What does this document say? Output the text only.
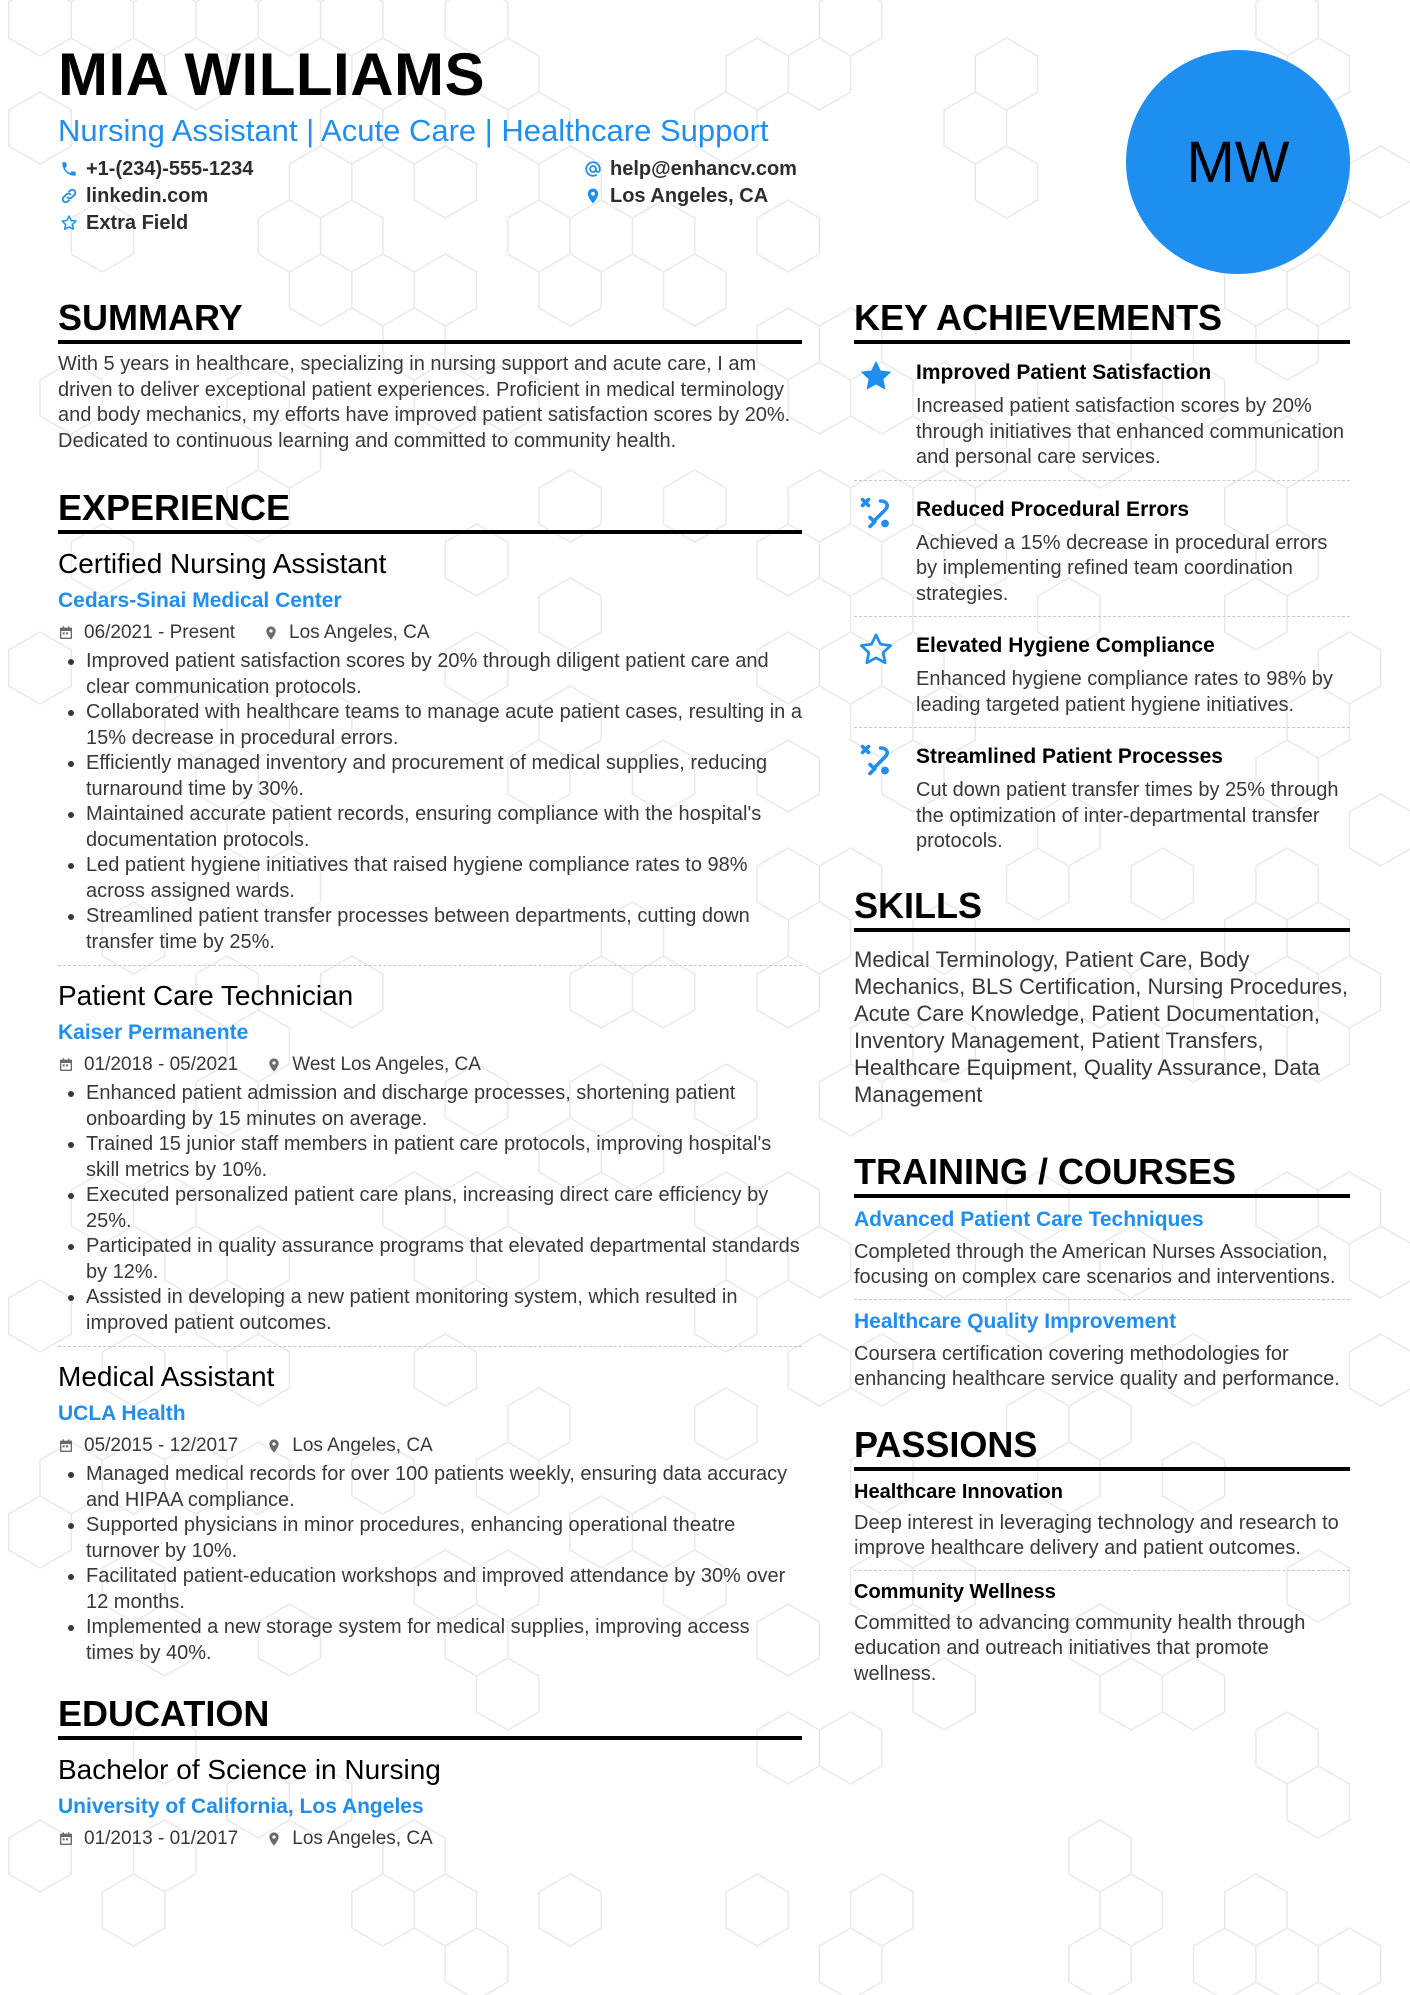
MIA WILLIAMS
Nursing Assistant | Acute Care | Healthcare Support
+1-(234)-555-1234	help@enhancv.com
linkedin.com	Los Angeles, CA
Extra Field
MW
SUMMARY

With 5 years in healthcare, specializing in nursing support and acute care, I am driven to deliver exceptional patient experiences. Proficient in medical terminology and body mechanics, my efforts have improved patient satisfaction scores by 20%. Dedicated to continuous learning and committed to community health.

EXPERIENCE
Certified Nursing Assistant
Cedars-Sinai Medical Center
06/2021 - Present	Los Angeles, CA
• Improved patient satisfaction scores by 20% through diligent patient care and clear communication protocols.
• Collaborated with healthcare teams to manage acute patient cases, resulting in a 15% decrease in procedural errors.
• Efficiently managed inventory and procurement of medical supplies, reducing turnaround time by 30%.
• Maintained accurate patient records, ensuring compliance with the hospital's documentation protocols.
• Led patient hygiene initiatives that raised hygiene compliance rates to 98% across assigned wards.
• Streamlined patient transfer processes between departments, cutting down transfer time by 25%.
Patient Care Technician
Kaiser Permanente
01/2018 - 05/2021	West Los Angeles, CA
• Enhanced patient admission and discharge processes, shortening patient onboarding by 15 minutes on average.
• Trained 15 junior staff members in patient care protocols, improving hospital's skill metrics by 10%.
• Executed personalized patient care plans, increasing direct care efficiency by 25%.
• Participated in quality assurance programs that elevated departmental standards by 12%.
• Assisted in developing a new patient monitoring system, which resulted in improved patient outcomes.
Medical Assistant
UCLA Health
05/2015 - 12/2017	Los Angeles, CA
• Managed medical records for over 100 patients weekly, ensuring data accuracy and HIPAA compliance.
• Supported physicians in minor procedures, enhancing operational theatre turnover by 10%.
• Facilitated patient-education workshops and improved attendance by 30% over 12 months.
• Implemented a new storage system for medical supplies, improving access times by 40%.
EDUCATION
Bachelor of Science in Nursing
University of California, Los Angeles
01/2013 - 01/2017	Los Angeles, CA
KEY ACHIEVEMENTS
Improved Patient Satisfaction

Increased patient satisfaction scores by 20% through initiatives that enhanced communication and personal care services.

Reduced Procedural Errors

Achieved a 15% decrease in procedural errors by implementing refined team coordination strategies.

Elevated Hygiene Compliance

Enhanced hygiene compliance rates to 98% by leading targeted patient hygiene initiatives.

Streamlined Patient Processes

Cut down patient transfer times by 25% through the optimization of inter-departmental transfer protocols.

SKILLS

Medical Terminology, Patient Care, Body Mechanics, BLS Certification, Nursing Procedures, Acute Care Knowledge, Patient Documentation, Inventory Management, Patient Transfers, Healthcare Equipment, Quality Assurance, Data Management

TRAINING / COURSES
Advanced Patient Care Techniques

Completed through the American Nurses Association, focusing on complex care scenarios and interventions.

Healthcare Quality Improvement

Coursera certification covering methodologies for enhancing healthcare service quality and performance.

PASSIONS
Healthcare Innovation

Deep interest in leveraging technology and research to improve healthcare delivery and patient outcomes.

Community Wellness

Committed to advancing community health through education and outreach initiatives that promote wellness.
